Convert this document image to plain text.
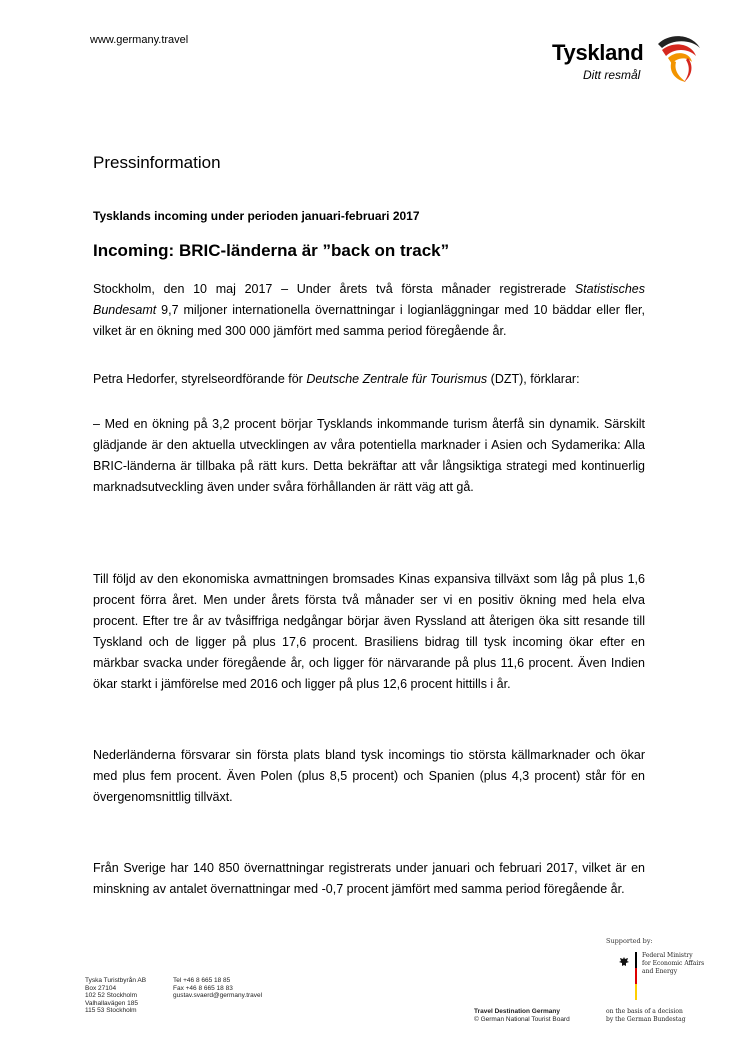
www.germany.travel	Tyskland
Ditt resmål
Pressinformation
Tysklands incoming under perioden januari-februari 2017
Incoming: BRIC-länderna är ”back on track”
Stockholm, den 10 maj 2017 – Under årets två första månader registrerade Statistisches Bundesamt 9,7 miljoner internationella övernattningar i logianläggningar med 10 bäddar eller fler, vilket är en ökning med 300 000 jämfört med samma period föregående år.
Petra Hedorfer, styrelseordförande för Deutsche Zentrale für Tourismus (DZT), förklarar:
– Med en ökning på 3,2 procent börjar Tysklands inkommande turism återfå sin dynamik. Särskilt glädjande är den aktuella utvecklingen av våra potentiella marknader i Asien och Sydamerika: Alla BRIC-länderna är tillbaka på rätt kurs. Detta bekräftar att vår långsiktiga strategi med kontinuerlig marknadsutveckling även under svåra förhållanden är rätt väg att gå.
Till följd av den ekonomiska avmattningen bromsades Kinas expansiva tillväxt som låg på plus 1,6 procent förra året. Men under årets första två månader ser vi en positiv ökning med hela elva procent. Efter tre år av tvåsiffriga nedgångar börjar även Ryssland att återigen öka sitt resande till Tyskland och de ligger på plus 17,6 procent. Brasiliens bidrag till tysk incoming ökar efter en märkbar svacka under föregående år, och ligger för närvarande på plus 11,6 procent. Även Indien ökar starkt i jämförelse med 2016 och ligger på plus 12,6 procent hittills i år.
Nederländerna försvarar sin första plats bland tysk incomings tio största källmarknader och ökar med plus fem procent. Även Polen (plus 8,5 procent) och Spanien (plus 4,3 procent) står för en övergenomsnittlig tillväxt.
Från Sverige har 140 850 övernattningar registrerats under januari och februari 2017, vilket är en minskning av antalet övernattningar med -0,7 procent jämfört med samma period föregående år.
Supported by:
Federal Ministry
for Economic Affairs
and Energy
Tyska Turistbyrån AB
Box 27104
102 52 Stockholm
Valhallavägen 185
115 53 Stockholm
Tel +46 8 665 18 85
Fax +46 8 665 18 83
gustav.svaerd@germany.travel
Travel Destination Germany
© German National Tourist Board
on the basis of a decision
by the German Bundestag
